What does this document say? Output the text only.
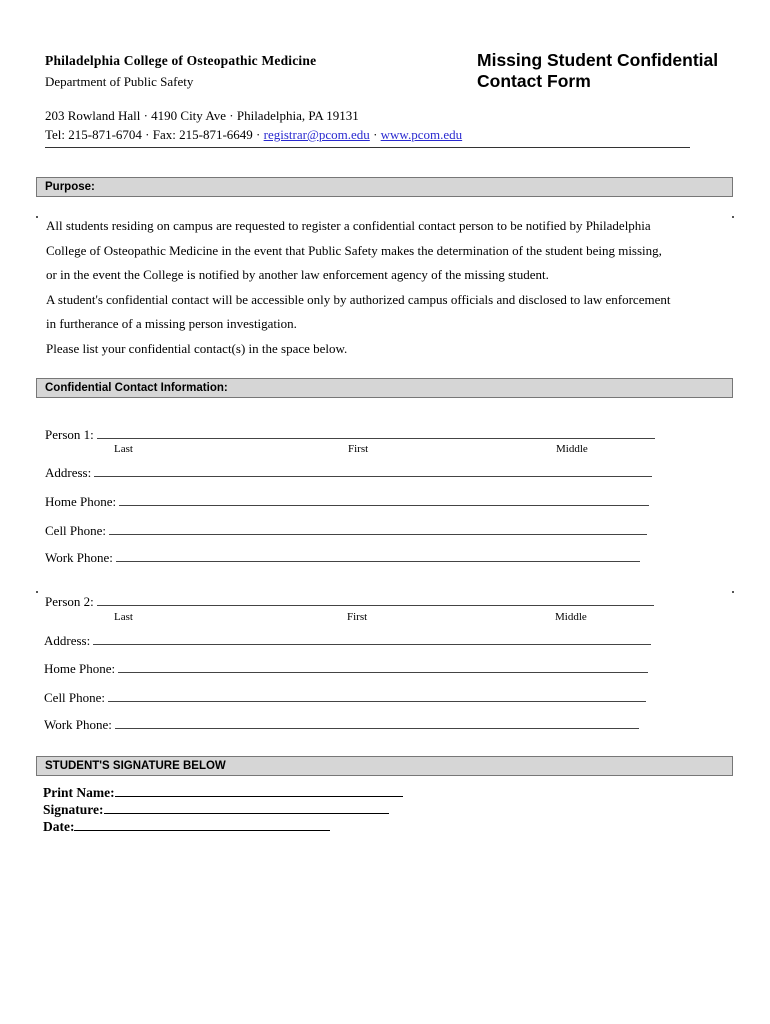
Philadelphia College of Osteopathic Medicine
Department of Public Safety
Missing Student Confidential Contact Form
203 Rowland Hall · 4190 City Ave · Philadelphia, PA 19131
Tel: 215-871-6704 · Fax: 215-871-6649 · registrar@pcom.edu · www.pcom.edu
Purpose:

All students residing on campus are requested to register a confidential contact person to be notified by Philadelphia

College of Osteopathic Medicine in the event that Public Safety makes the determination of the student being missing,

or in the event the College is notified by another law enforcement agency of the missing student.

A student's confidential contact will be accessible only by authorized campus officials and disclosed to law enforcement

in furtherance of a missing person investigation.

Please list your confidential contact(s) in the space below.

Confidential Contact Information:
Person 1:
Last	First	Middle
Address:
Home Phone:
Cell Phone:
Work Phone:
Person 2:
Last	First	Middle
Address:
Home Phone:
Cell Phone:
Work Phone:
STUDENT'S SIGNATURE BELOW
Print Name:
Signature:
Date:
